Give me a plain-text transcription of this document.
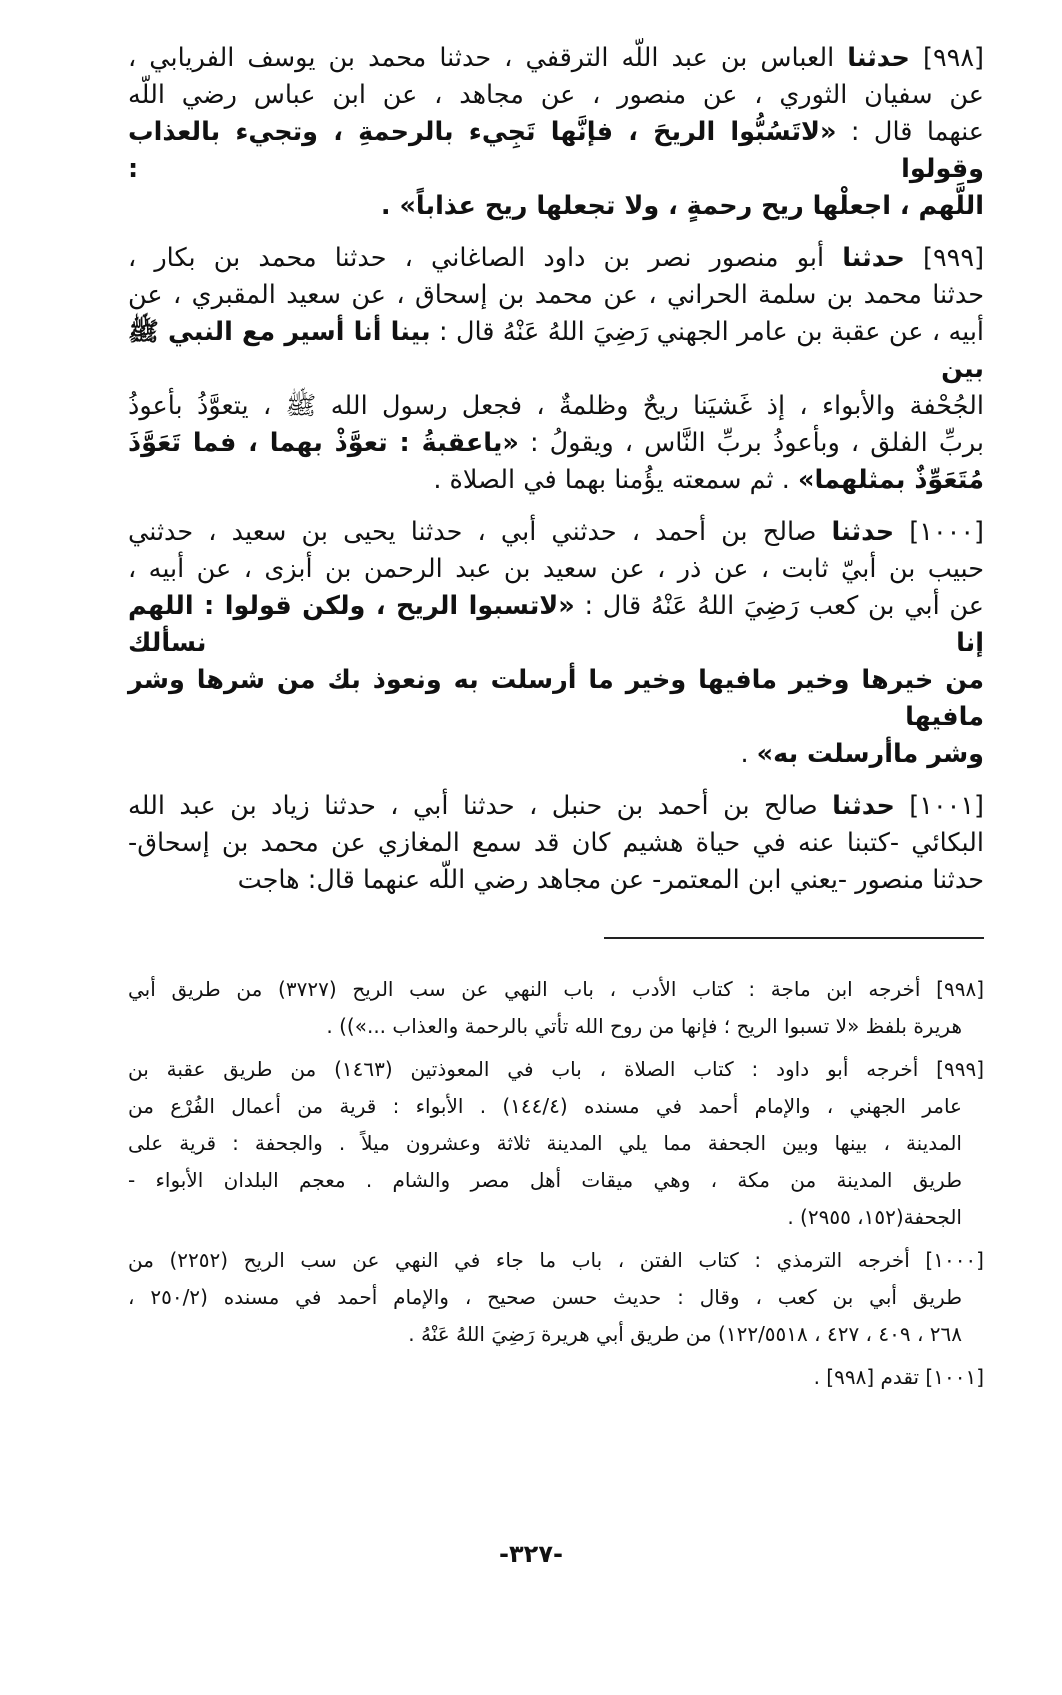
[٩٩٨] حدثنا العباس بن عبد اللّه الترقفي ، حدثنا محمد بن يوسف الفريابي ،
عن سفيان الثوري ، عن منصور ، عن مجاهد ، عن ابن عباس رضي اللّه
عنهما قال : «لاتَسُبُّوا الريحَ ، فإنَّها تَجِيء بالرحمةِ ، وتجيء بالعذاب وقولوا :
اللَّهم ، اجعلْها ريح رحمةٍ ، ولا تجعلها ريح عذاباً» .
[٩٩٩] حدثنا أبو منصور نصر بن داود الصاغاني ، حدثنا محمد بن بكار ،
حدثنا محمد بن سلمة الحراني ، عن محمد بن إسحاق ، عن سعيد المقبري ، عن
أبيه ، عن عقبة بن عامر الجهني رَضِيَ اللهُ عَنْهُ قال : بينا أنا أسير مع النبي ﷺ بين
الجُحْفة والأبواء ، إذ غَشيَنا ريحٌ وظلمةٌ ، فجعل رسول الله ﷺ ، يتعوَّذُ بأعوذُ
بربِّ الفلق ، وبأعوذُ بربِّ النَّاس ، ويقولُ : «ياعقبةُ : تعوَّذْ بهما ، فما تَعَوَّذَ
مُتَعَوِّذٌ بمثلهما» . ثم سمعته يؤُمنا بهما في الصلاة .
[١٠٠٠] حدثنا صالح بن أحمد ، حدثني أبي ، حدثنا يحيى بن سعيد ، حدثني
حبيب بن أبيّ ثابت ، عن ذر ، عن سعيد بن عبد الرحمن بن أبزى ، عن أبيه ،
عن أبي بن كعب رَضِيَ اللهُ عَنْهُ قال : «لاتسبوا الريح ، ولكن قولوا : اللهم إنا نسألك
من خيرها وخير مافيها وخير ما أرسلت به ونعوذ بك من شرها وشر مافيها
وشر ماأرسلت به» .
[١٠٠١] حدثنا صالح بن أحمد بن حنبل ، حدثنا أبي ، حدثنا زياد بن عبد الله
البكائي -كتبنا عنه في حياة هشيم كان قد سمع المغازي عن محمد بن إسحاق-
حدثنا منصور -يعني ابن المعتمر- عن مجاهد رضي اللّه عنهما قال: هاجت
[٩٩٨] أخرجه ابن ماجة : كتاب الأدب ، باب النهي عن سب الريح (٣٧٢٧) من طريق أبي
هريرة بلفظ «لا تسبوا الريح ؛ فإنها من روح الله تأتي بالرحمة والعذاب ...»)) .
[٩٩٩] أخرجه أبو داود : كتاب الصلاة ، باب في المعوذتين (١٤٦٣) من طريق عقبة بن
عامر الجهني ، والإمام أحمد في مسنده (١٤٤/٤) . الأبواء : قرية من أعمال الفُرْع من
المدينة ، بينها وبين الجحفة مما يلي المدينة ثلاثة وعشرون ميلاً . والجحفة : قرية على
طريق المدينة من مكة ، وهي ميقات أهل مصر والشام . معجم البلدان الأبواء -
الجحفة(١٥٢، ٢٩٥٥) .
[١٠٠٠] أخرجه الترمذي : كتاب الفتن ، باب ما جاء في النهي عن سب الريح (٢٢٥٢) من
طريق أبي بن كعب ، وقال : حديث حسن صحيح ، والإمام أحمد في مسنده (٢٥٠/٢ ،
٢٦٨ ، ٤٠٩ ، ٤٢٧ ، ١٢٢/٥٥١٨) من طريق أبي هريرة رَضِيَ اللهُ عَنْهُ .
[١٠٠١] تقدم [٩٩٨] .
-٣٢٧-
